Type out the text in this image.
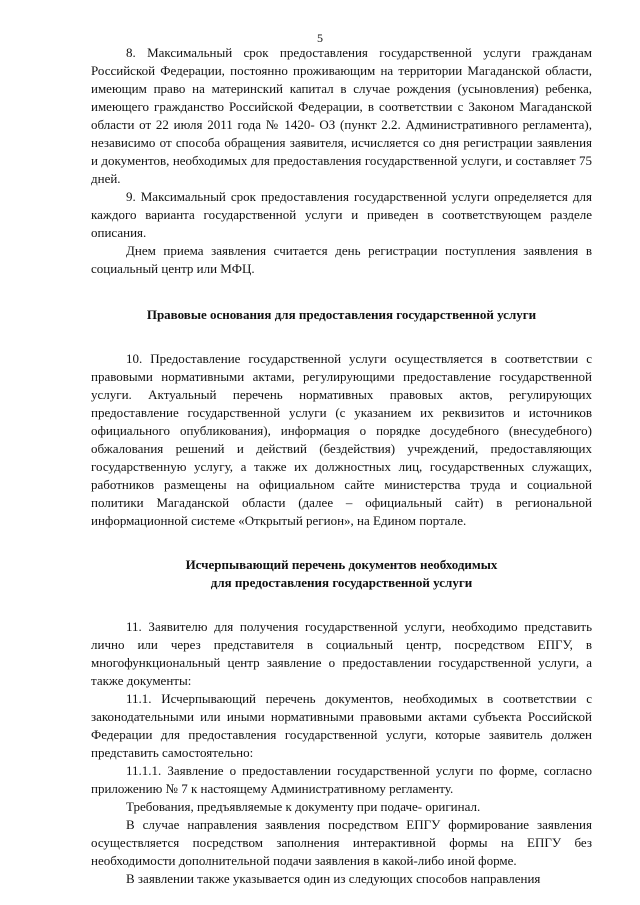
5

8. Максимальный срок предоставления государственной услуги гражданам Российской Федерации, постоянно проживающим на территории Магаданской области, имеющим право на материнский капитал в случае рождения (усыновления) ребенка, имеющего гражданство Российской Федерации, в соответствии с Законом Магаданской области от 22 июля 2011 года № 1420- ОЗ (пункт 2.2. Административного регламента), независимо от способа обращения заявителя, исчисляется со дня регистрации заявления и документов, необходимых для предоставления государственной услуги, и составляет 75 дней.

9. Максимальный срок предоставления государственной услуги определяется для каждого варианта государственной услуги и приведен в соответствующем разделе описания.

Днем приема заявления считается день регистрации поступления заявления в социальный центр или МФЦ.

Правовые основания для предоставления государственной услуги

10. Предоставление государственной услуги осуществляется в соответствии с правовыми нормативными актами, регулирующими предоставление государственной услуги. Актуальный перечень нормативных правовых актов, регулирующих предоставление государственной услуги (с указанием их реквизитов и источников официального опубликования), информация о порядке досудебного (внесудебного) обжалования решений и действий (бездействия) учреждений, предоставляющих государственную услугу, а также их должностных лиц, государственных служащих, работников размещены на официальном сайте министерства труда и социальной политики Магаданской области (далее – официальный сайт) в региональной информационной системе «Открытый регион», на Едином портале.

Исчерпывающий перечень документов необходимых
для предоставления государственной услуги

11. Заявителю для получения государственной услуги, необходимо представить лично или через представителя в социальный центр, посредством ЕПГУ, в многофункциональный центр заявление о предоставлении государственной услуги, а также документы:

11.1. Исчерпывающий перечень документов, необходимых в соответствии с законодательными или иными нормативными правовыми актами субъекта Российской Федерации для предоставления государственной услуги, которые заявитель должен представить самостоятельно:

11.1.1. Заявление о предоставлении государственной услуги по форме, согласно приложению № 7 к настоящему Административному регламенту.

Требования, предъявляемые к документу при подаче- оригинал.

В случае направления заявления посредством ЕПГУ формирование заявления осуществляется посредством заполнения интерактивной формы на ЕПГУ без необходимости дополнительной подачи заявления в какой-либо иной форме.

В заявлении также указывается один из следующих способов направления
